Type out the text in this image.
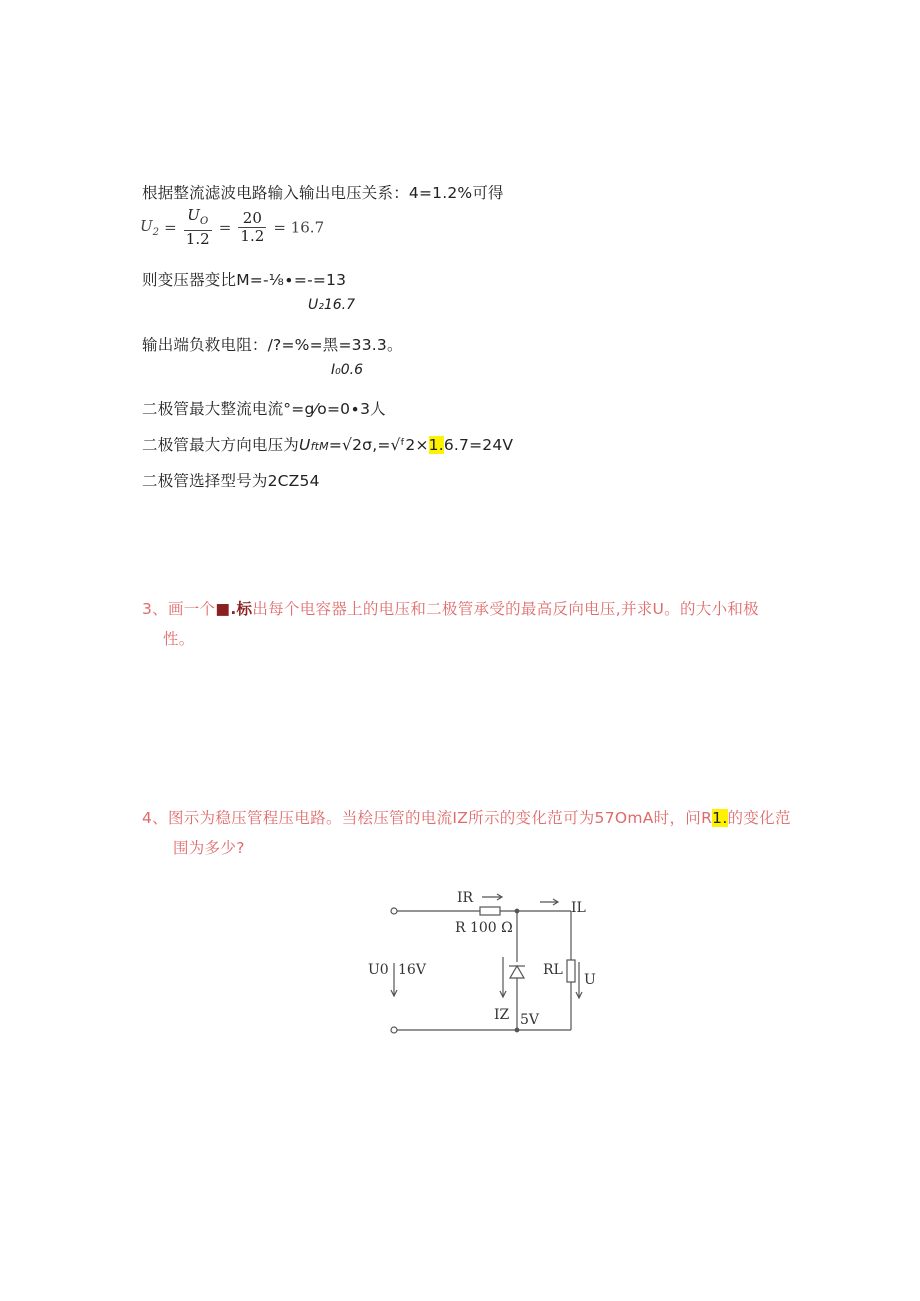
根据整流滤波电路输入输出电压关系：4=1.2%可得
$U_2 = \frac{U_O}{1.2} = \frac{20}{1.2} = 16.7$
则变压器变比M=-⅛∙=-=13
U₂16.7
输出端负救电阻：/?=%=黑=33.3。
I₀0.6
二极管最大整流电流°=g⁄o=0∙3人
二极管最大方向电压为UftM=√2σ,=√ᶠ2×1.6.7=24V
二极管选择型号为2CZ54
3、画一个■.标出每个电容器上的电压和二极管承受的最高反向电压,并求U。的大小和极
性。
4、图示为稳压管程压电路。当桧压管的电流IZ所示的变化范可为57OmA时，问R1.的变化范
围为多少?
IR
R 100 Ω
IL
U0 16V	RL
U
IZ 5V
